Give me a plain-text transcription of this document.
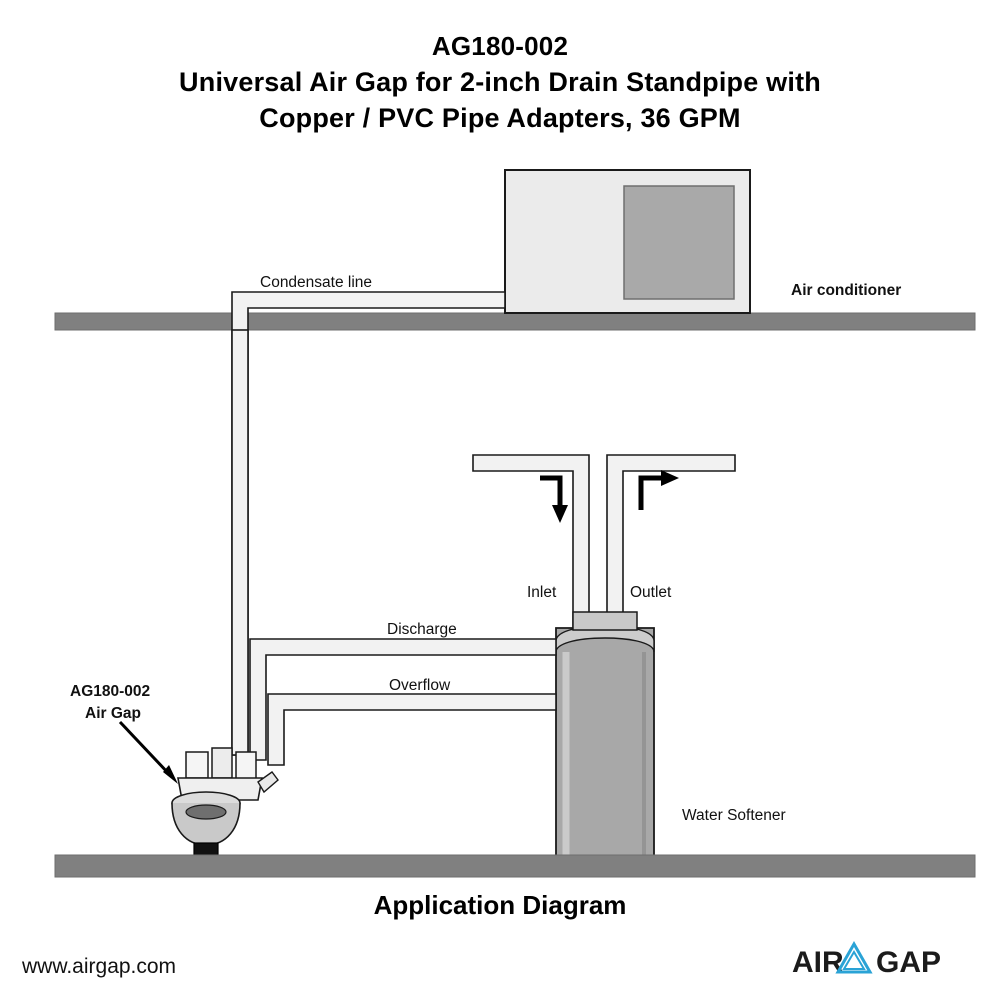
AG180-002
Universal Air Gap for 2-inch Drain Standpipe with
Copper / PVC Pipe Adapters, 36 GPM
Condensate line	Air conditioner
Inlet	Outlet
Water Softener
Discharge
Overflow
AG180-002
Air Gap
Application Diagram
www.airgap.com	AIR GAP
